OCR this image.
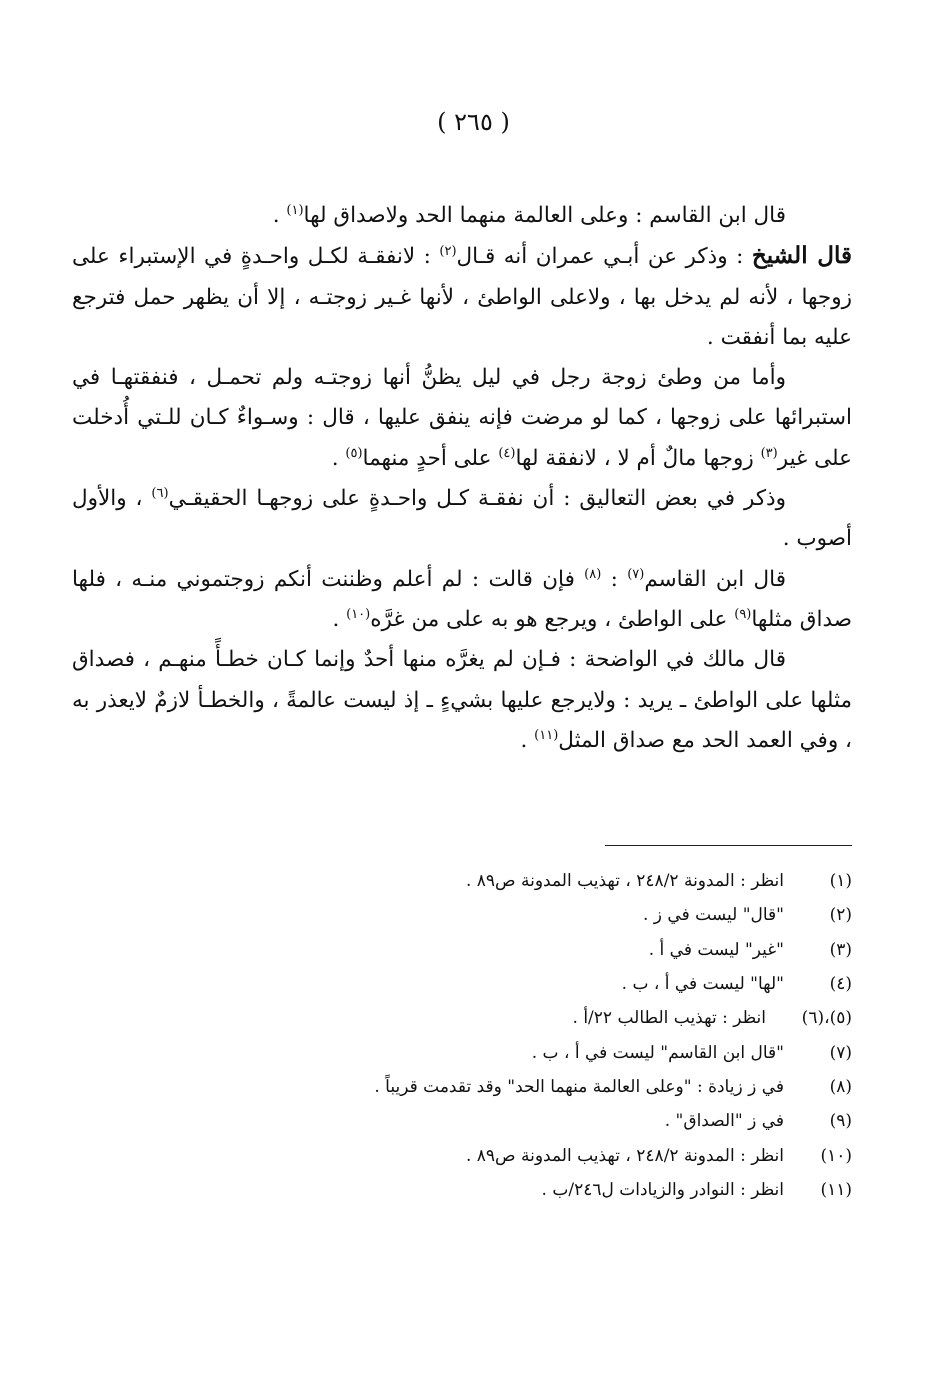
( ٢٦٥ )

قال ابن القاسم : وعلى العالمة منهما الحد ولاصداق لها$^{(١)}$ .

قال الشيخ : وذكر عن أبـي عمران أنه قـال$^{(٢)}$ : لانفقـة لكـل واحـدةٍ في الإستبراء على زوجها ، لأنه لم يدخل بها ، ولاعلى الواطئ ، لأنها غـير زوجتـه ، إلا أن يظهر حمل فترجع عليه بما أنفقت .

وأما من وطئ زوجة رجل في ليل يظنُّ أنها زوجتـه ولم تحمـل ، فنفقتهـا في استبرائها على زوجها ، كما لو مرضت فإنه ينفق عليها ، قال : وسـواءٌ كـان للـتي أُدخلت على غير$^{(٣)}$ زوجها مالٌ أم لا ، لانفقة لها$^{(٤)}$ على أحدٍ منهما$^{(٥)}$ .

وذكر في بعض التعاليق : أن نفقـة كـل واحـدةٍ على زوجهـا الحقيقـي$^{(٦)}$ ، والأول أصوب .

قال ابن القاسم$^{(٧)}$ : $^{(٨)}$ فإن قالت : لم أعلم وظننت أنكم زوجتموني منـه ، فلها صداق مثلها$^{(٩)}$ على الواطئ ، ويرجع هو به على من غرَّه$^{(١٠)}$ .

قال مالك في الواضحة : فـإن لم يغرَّه منها أحدٌ وإنما كـان خطـأً منهـم ، فصداق مثلها على الواطئ ـ يريد : ولايرجع عليها بشيءٍ ـ إذ ليست عالمةً ، والخطـأ لازمٌ لايعذر به ، وفي العمد الحد مع صداق المثل$^{(١١)}$ .

(١)
انظر : المدونة ٢٤٨/٢ ، تهذيب المدونة ص٨٩ .
(٢)
"قال" ليست في ز .
(٣)
"غير" ليست في أ .
(٤)
"لها" ليست في أ ، ب .
(٥)،(٦)
انظر : تهذيب الطالب ٢٢/أ .
(٧)
"قال ابن القاسم" ليست في أ ، ب .
(٨)
في ز زيادة : "وعلى العالمة منهما الحد" وقد تقدمت قريباً .
(٩)
في ز "الصداق" .
(١٠)
انظر : المدونة ٢٤٨/٢ ، تهذيب المدونة ص٨٩ .
(١١)
انظر : النوادر والزيادات ل٢٤٦/ب .
